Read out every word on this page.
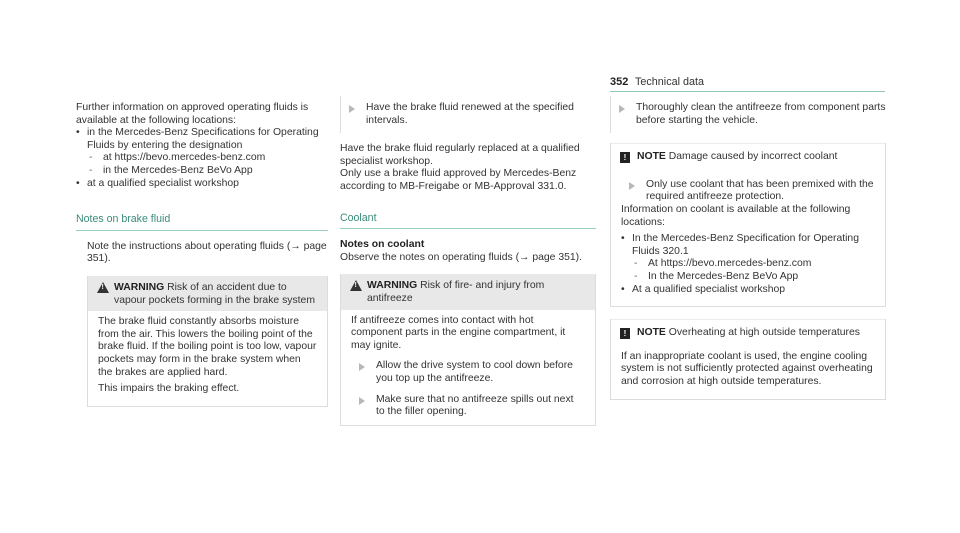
352 Technical data

Further information on approved operating fluids is available at the following locations:

• in the Mercedes-Benz Specifications for Operating Fluids by entering the designation

- at https://bevo.mercedes-benz.com

- in the Mercedes-Benz BeVo App

• at a qualified specialist workshop

Notes on brake fluid

Note the instructions about operating fluids (→ page 351).

!
WARNING Risk of an accident due to vapour pockets forming in the brake system

The brake fluid constantly absorbs moisture from the air. This lowers the boiling point of the brake fluid. If the boiling point is too low, vapour pockets may form in the brake system when the brakes are applied hard.

This impairs the braking effect.

Have the brake fluid renewed at the specified intervals.

Have the brake fluid regularly replaced at a qualified specialist workshop.

Only use a brake fluid approved by Mercedes-Benz according to MB-Freigabe or MB-Approval 331.0.

Coolant

Notes on coolant

Observe the notes on operating fluids (→ page 351).

!
WARNING Risk of fire- and injury from antifreeze

If antifreeze comes into contact with hot component parts in the engine compartment, it may ignite.

Allow the drive system to cool down before you top up the antifreeze.
Make sure that no antifreeze spills out next to the filler opening.
Thoroughly clean the antifreeze from component parts before starting the vehicle.
!	NOTE Damage caused by incorrect coolant
Only use coolant that has been premixed with the required antifreeze protection.

Information on coolant is available at the following locations:

• In the Mercedes-Benz Specification for Operating Fluids 320.1

- At https://bevo.mercedes-benz.com

- In the Mercedes-Benz BeVo App

• At a qualified specialist workshop

!	NOTE Overheating at high outside temperatures

If an inappropriate coolant is used, the engine cooling system is not sufficiently protected against overheating and corrosion at high outside temperatures.
